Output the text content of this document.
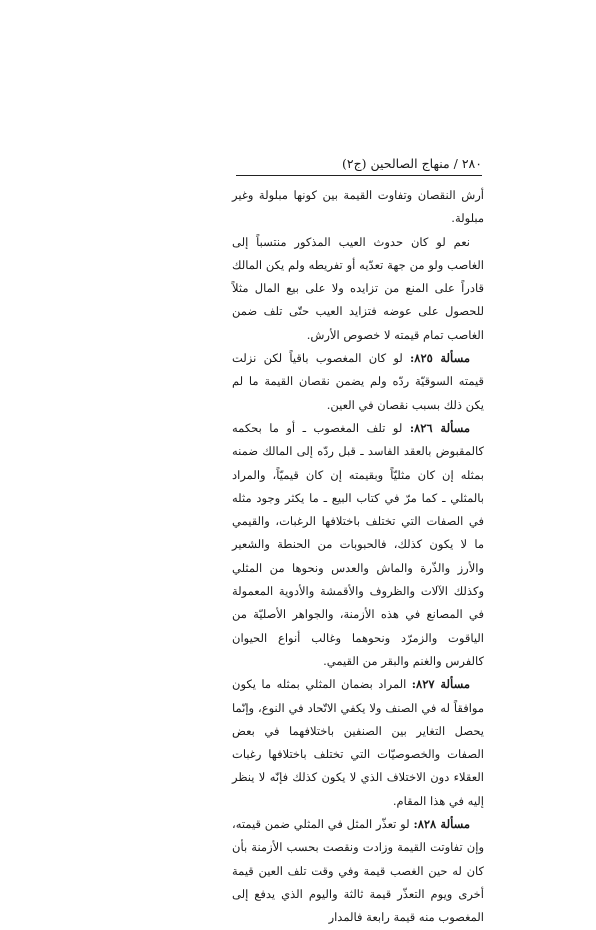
٢٨٠ / منهاج الصالحين (ج٢)

أرش النقصان وتفاوت القيمة بين كونها مبلولة وغير مبلولة.

نعم لو كان حدوث العيب المذكور منتسباً إلى الغاصب ولو من جهة تعدّيه أو تفريطه ولم يكن المالك قادراً على المنع من تزايده ولا على بيع المال مثلاً للحصول على عوضه فتزايد العيب حتّى تلف ضمن الغاصب تمام قيمته لا خصوص الأرش.

مسألة ٨٢٥: لو كان المغصوب باقياً لكن نزلت قيمته السوقيّة ردّه ولم يضمن نقصان القيمة ما لم يكن ذلك بسبب نقصان في العين.

مسألة ٨٢٦: لو تلف المغصوب ـ أو ما بحكمه كالمقبوض بالعقد الفاسد ـ قبل ردّه إلى المالك ضمنه بمثله إن كان مثليّاً وبقيمته إن كان قيميّاً، والمراد بالمثلي ـ كما مرّ في كتاب البيع ـ ما يكثر وجود مثله في الصفات التي تختلف باختلافها الرغبات، والقيمي ما لا يكون كذلك، فالحبوبات من الحنطة والشعير والأرز والذّرة والماش والعدس ونحوها من المثلي وكذلك الآلات والظروف والأقمشة والأدوية المعمولة في المصانع في هذه الأزمنة، والجواهر الأصليّة من الياقوت والزمرّد ونحوهما وغالب أنواع الحيوان كالفرس والغنم والبقر من القيمي.

مسألة ٨٢٧: المراد بضمان المثلي بمثله ما يكون موافقاً له في الصنف ولا يكفي الاتّحاد في النوع، وإنّما يحصل التغاير بين الصنفين باختلافهما في بعض الصفات والخصوصيّات التي تختلف باختلافها رغبات العقلاء دون الاختلاف الذي لا يكون كذلك فإنّه لا ينظر إليه في هذا المقام.

مسألة ٨٢٨: لو تعذّر المثل في المثلي ضمن قيمته، وإن تفاوتت القيمة وزادت ونقصت بحسب الأزمنة بأن كان له حين الغصب قيمة وفي وقت تلف العين قيمة أخرى ويوم التعذّر قيمة ثالثة واليوم الذي يدفع إلى المغصوب منه قيمة رابعة فالمدار
